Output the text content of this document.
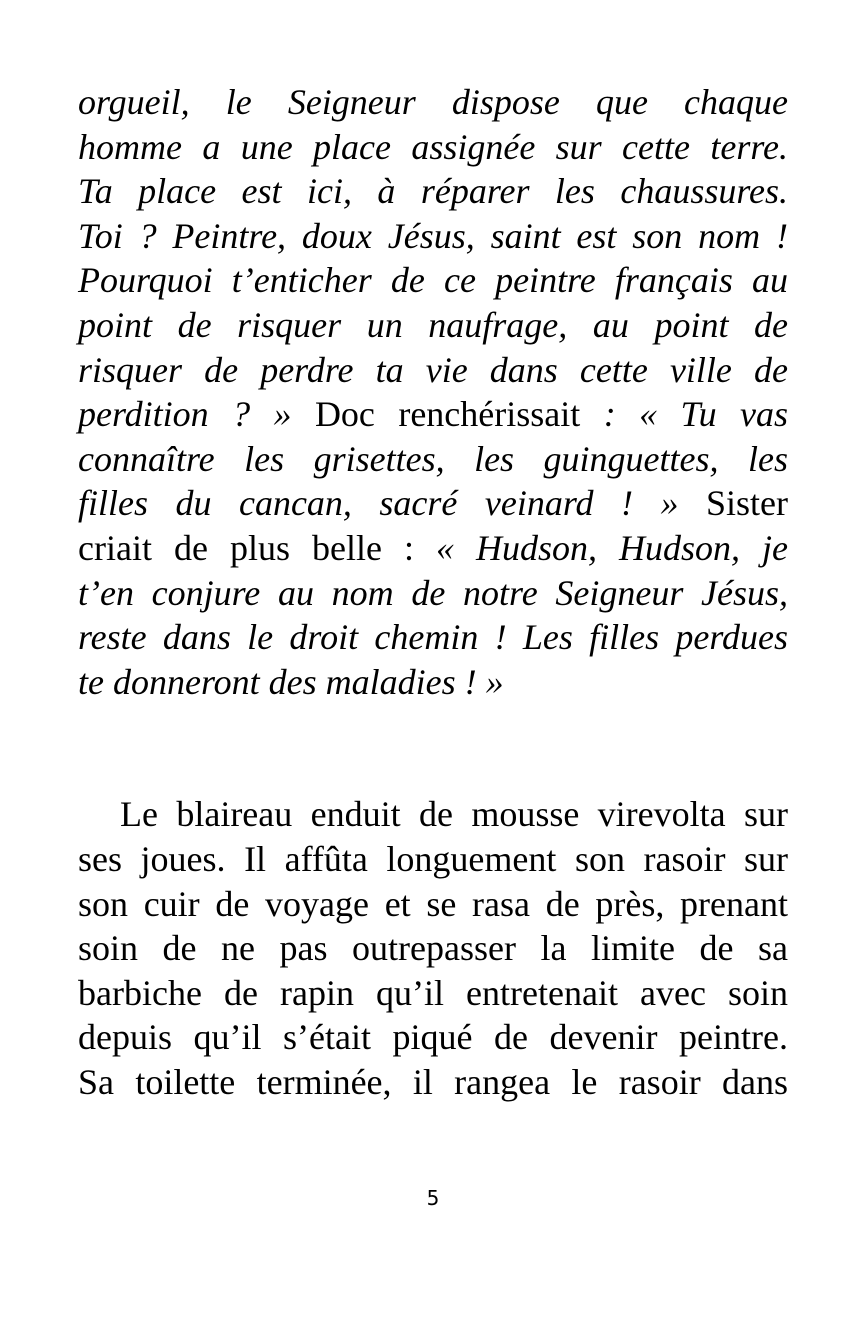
orgueil, le Seigneur dispose que chaque
homme a une place assignée sur cette terre.
Ta place est ici, à réparer les chaussures.
Toi ? Peintre, doux Jésus, saint est son nom !
Pourquoi t’enticher de ce peintre français au
point de risquer un naufrage, au point de
risquer de perdre ta vie dans cette ville de
perdition ? » Doc renchérissait : « Tu vas
connaître les grisettes, les guinguettes, les
filles du cancan, sacré veinard ! » Sister
criait de plus belle : « Hudson, Hudson, je
t’en conjure au nom de notre Seigneur Jésus,
reste dans le droit chemin ! Les filles perdues
te donneront des maladies ! »
Le blaireau enduit de mousse virevolta sur
ses joues. Il affûta longuement son rasoir sur
son cuir de voyage et se rasa de près, prenant
soin de ne pas outrepasser la limite de sa
barbiche de rapin qu’il entretenait avec soin
depuis qu’il s’était piqué de devenir peintre.
Sa toilette terminée, il rangea le rasoir dans
5
